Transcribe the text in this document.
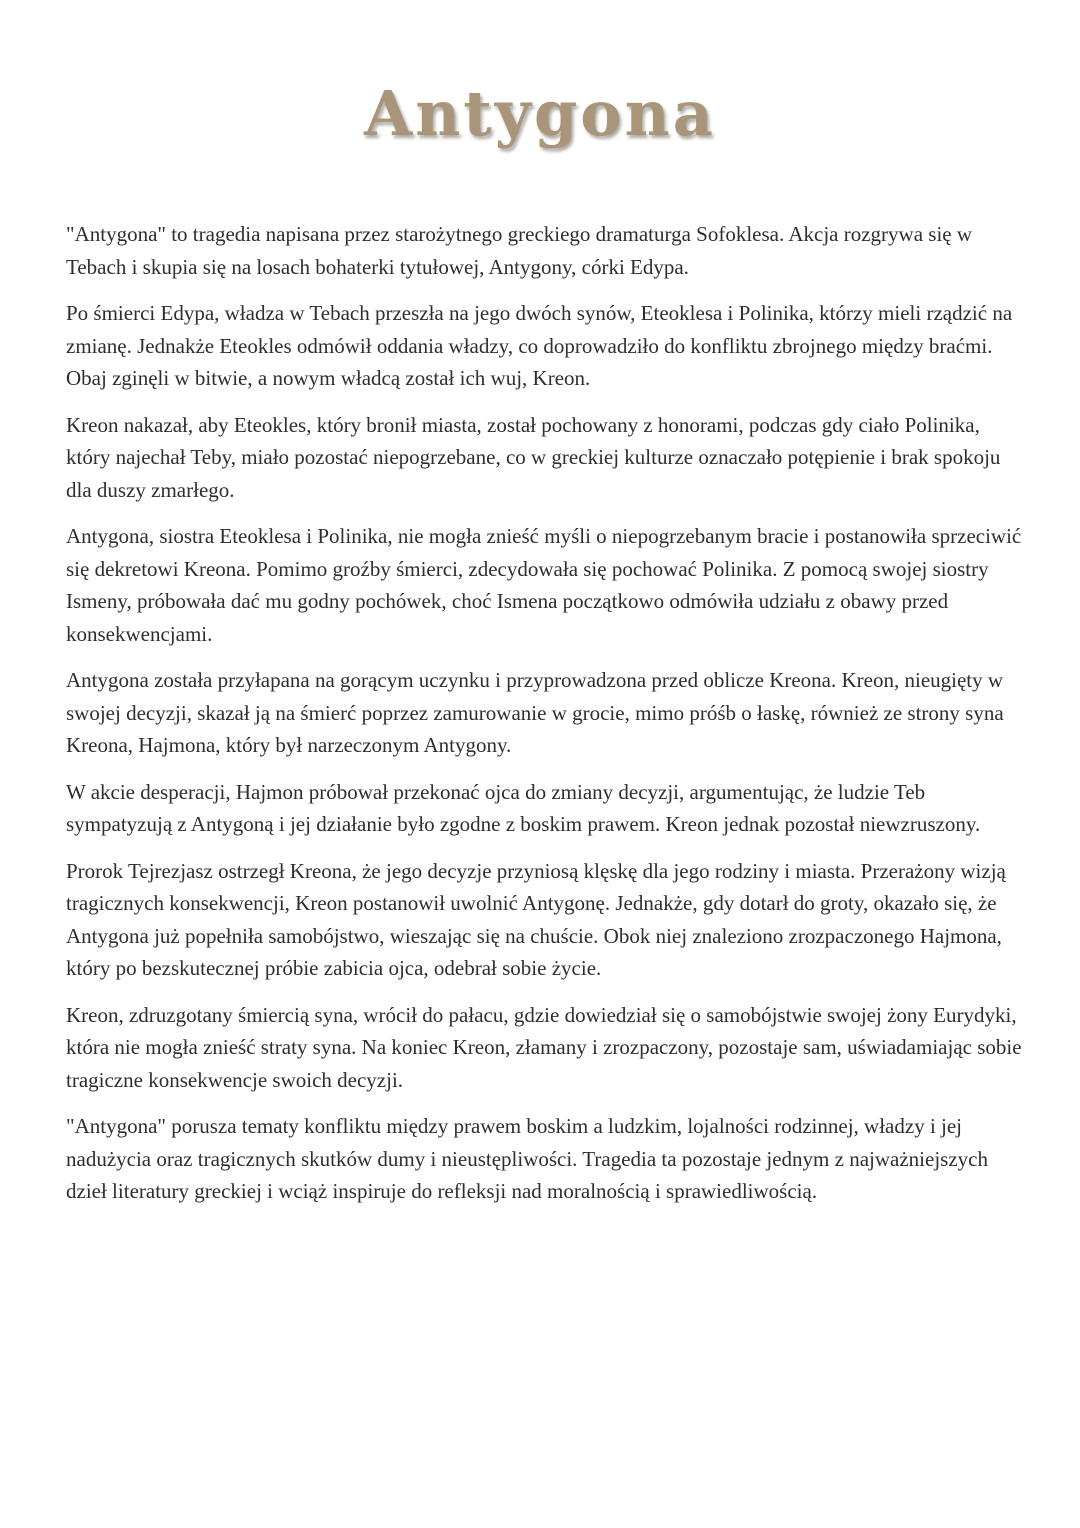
Antygona

"Antygona" to tragedia napisana przez starożytnego greckiego dramaturga Sofoklesa. Akcja rozgrywa się w Tebach i skupia się na losach bohaterki tytułowej, Antygony, córki Edypa.

Po śmierci Edypa, władza w Tebach przeszła na jego dwóch synów, Eteoklesa i Polinika, którzy mieli rządzić na zmianę. Jednakże Eteokles odmówił oddania władzy, co doprowadziło do konfliktu zbrojnego między braćmi. Obaj zginęli w bitwie, a nowym władcą został ich wuj, Kreon.

Kreon nakazał, aby Eteokles, który bronił miasta, został pochowany z honorami, podczas gdy ciało Polinika, który najechał Teby, miało pozostać niepogrzebane, co w greckiej kulturze oznaczało potępienie i brak spokoju dla duszy zmarłego.

Antygona, siostra Eteoklesa i Polinika, nie mogła znieść myśli o niepogrzebanym bracie i postanowiła sprzeciwić się dekretowi Kreona. Pomimo groźby śmierci, zdecydowała się pochować Polinika. Z pomocą swojej siostry Ismeny, próbowała dać mu godny pochówek, choć Ismena początkowo odmówiła udziału z obawy przed konsekwencjami.

Antygona została przyłapana na gorącym uczynku i przyprowadzona przed oblicze Kreona. Kreon, nieugięty w swojej decyzji, skazał ją na śmierć poprzez zamurowanie w grocie, mimo próśb o łaskę, również ze strony syna Kreona, Hajmona, który był narzeczonym Antygony.

W akcie desperacji, Hajmon próbował przekonać ojca do zmiany decyzji, argumentując, że ludzie Teb sympatyzują z Antygoną i jej działanie było zgodne z boskim prawem. Kreon jednak pozostał niewzruszony.

Prorok Tejrezjasz ostrzegł Kreona, że jego decyzje przyniosą klęskę dla jego rodziny i miasta. Przerażony wizją tragicznych konsekwencji, Kreon postanowił uwolnić Antygonę. Jednakże, gdy dotarł do groty, okazało się, że Antygona już popełniła samobójstwo, wieszając się na chuście. Obok niej znaleziono zrozpaczonego Hajmona, który po bezskutecznej próbie zabicia ojca, odebrał sobie życie.

Kreon, zdruzgotany śmiercią syna, wrócił do pałacu, gdzie dowiedział się o samobójstwie swojej żony Eurydyki, która nie mogła znieść straty syna. Na koniec Kreon, złamany i zrozpaczony, pozostaje sam, uświadamiając sobie tragiczne konsekwencje swoich decyzji.

"Antygona" porusza tematy konfliktu między prawem boskim a ludzkim, lojalności rodzinnej, władzy i jej nadużycia oraz tragicznych skutków dumy i nieustępliwości. Tragedia ta pozostaje jednym z najważniejszych dzieł literatury greckiej i wciąż inspiruje do refleksji nad moralnością i sprawiedliwością.
